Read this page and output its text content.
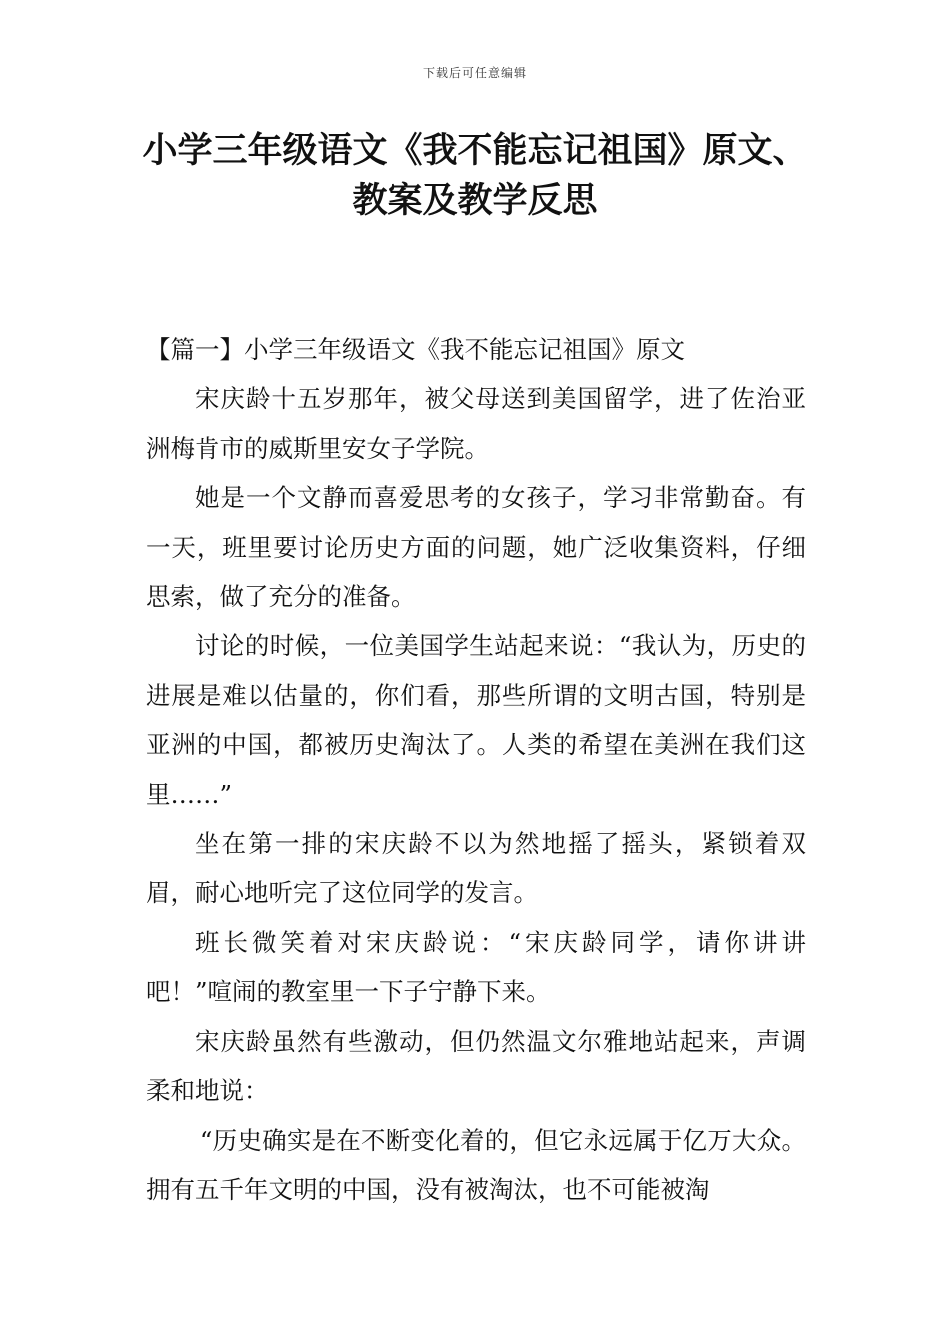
下载后可任意编辑
小学三年级语文《我不能忘记祖国》原文、
教案及教学反思

【篇一】小学三年级语文《我不能忘记祖国》原文

宋庆龄十五岁那年，被父母送到美国留学，进了佐治亚洲梅肯市的威斯里安女子学院。

她是一个文静而喜爱思考的女孩子，学习非常勤奋。有一天，班里要讨论历史方面的问题，她广泛收集资料，仔细思索，做了充分的准备。

讨论的时候，一位美国学生站起来说：“我认为，历史的进展是难以估量的，你们看，那些所谓的文明古国，特别是亚洲的中国，都被历史淘汰了。人类的希望在美洲在我们这里……”

坐在第一排的宋庆龄不以为然地摇了摇头，紧锁着双眉，耐心地听完了这位同学的发言。

班长微笑着对宋庆龄说：“宋庆龄同学，请你讲讲吧！”喧闹的教室里一下子宁静下来。

宋庆龄虽然有些激动，但仍然温文尔雅地站起来，声调柔和地说：

“历史确实是在不断变化着的，但它永远属于亿万大众。拥有五千年文明的中国，没有被淘汰，也不可能被淘
